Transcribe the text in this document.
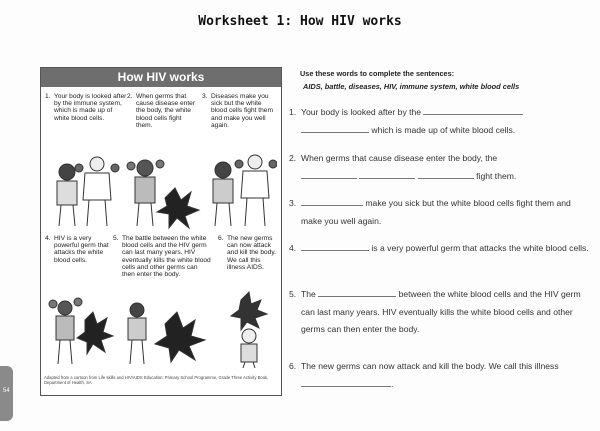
Worksheet 1: How HIV works
How HIV works
1. Your body is looked after by the immune system, which is made up of white blood cells.
2. When germs that cause disease enter the body, the white blood cells fight them.
3. Diseases make you sick but the white blood cells fight them and make you well again.
4. HIV is a very powerful germ that attacks the white blood cells.
5. The battle between the white blood cells and the HIV germ can last many years. HIV eventually kills the white blood cells and other germs can then enter the body.
6. The new germs can now attack and kill the body. We call this illness AIDS.
Adapted from a cartoon from Life skills and HIV/AIDS Education: Primary School Programme, Grade Three Activity Book, Department of Health, SA
Use these words to complete the sentences:
AIDS, battle, diseases, HIV, immune system, white blood cells
1. Your body is looked after by the
which is made up of white blood cells.
2. When germs that cause disease enter the body, the
fight them.
3.	make you sick but the white blood cells fight them and make you well again.
4.	is a very powerful germ that attacks the white blood cells.
5. The	between the white blood cells and the HIV germ can last many years. HIV eventually kills the white blood cells and other germs can then enter the body.
6. The new germs can now attack and kill the body. We call this illness .
54
